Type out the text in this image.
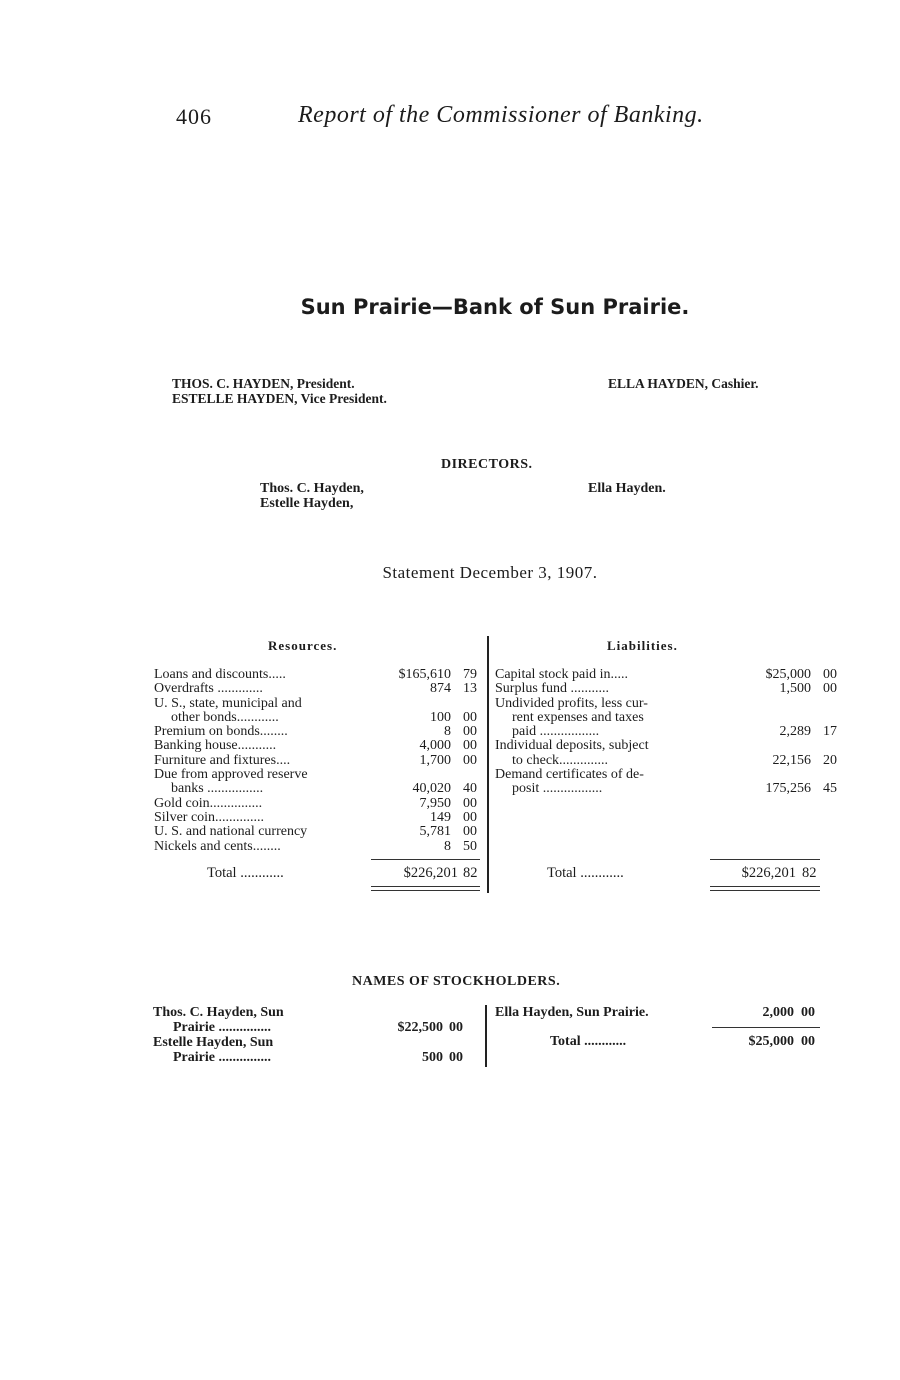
406	Report of the Commissioner of Banking.
Sun Prairie—Bank of Sun Prairie.
THOS. C. HAYDEN, President.
ESTELLE HAYDEN, Vice President.
ELLA HAYDEN, Cashier.
DIRECTORS.
Thos. C. Hayden,
Estelle Hayden,
Ella Hayden.
Statement December 3, 1907.
Resources.	Liabilities.
Loans and discounts.....	$165,610	79
Overdrafts .............	874	13
U. S., state, municipal and		
other bonds............	100	00
Premium on bonds........	8	00
Banking house...........	4,000	00
Furniture and fixtures....	1,700	00
Due from approved reserve		
banks ................	40,020	40
Gold coin...............	7,950	00
Silver coin..............	149	00
U. S. and national currency	5,781	00
Nickels and cents........	8	50
Total ............	$226,201 82
Capital stock paid in.....	$25,000	00
Surplus fund ...........	1,500	00
Undivided profits, less cur-		
rent expenses and taxes		
paid .................	2,289	17
Individual deposits, subject		
to check..............	22,156	20
Demand certificates of de-		
posit .................	175,256	45
Total ............	$226,201 82
NAMES OF STOCKHOLDERS.
Thos. C. Hayden, Sun		
Prairie ...............	$22,500	00
Estelle Hayden, Sun		
Prairie ...............	500	00
Ella Hayden, Sun Prairie.	2,000 00
Total ............	$25,000 00
